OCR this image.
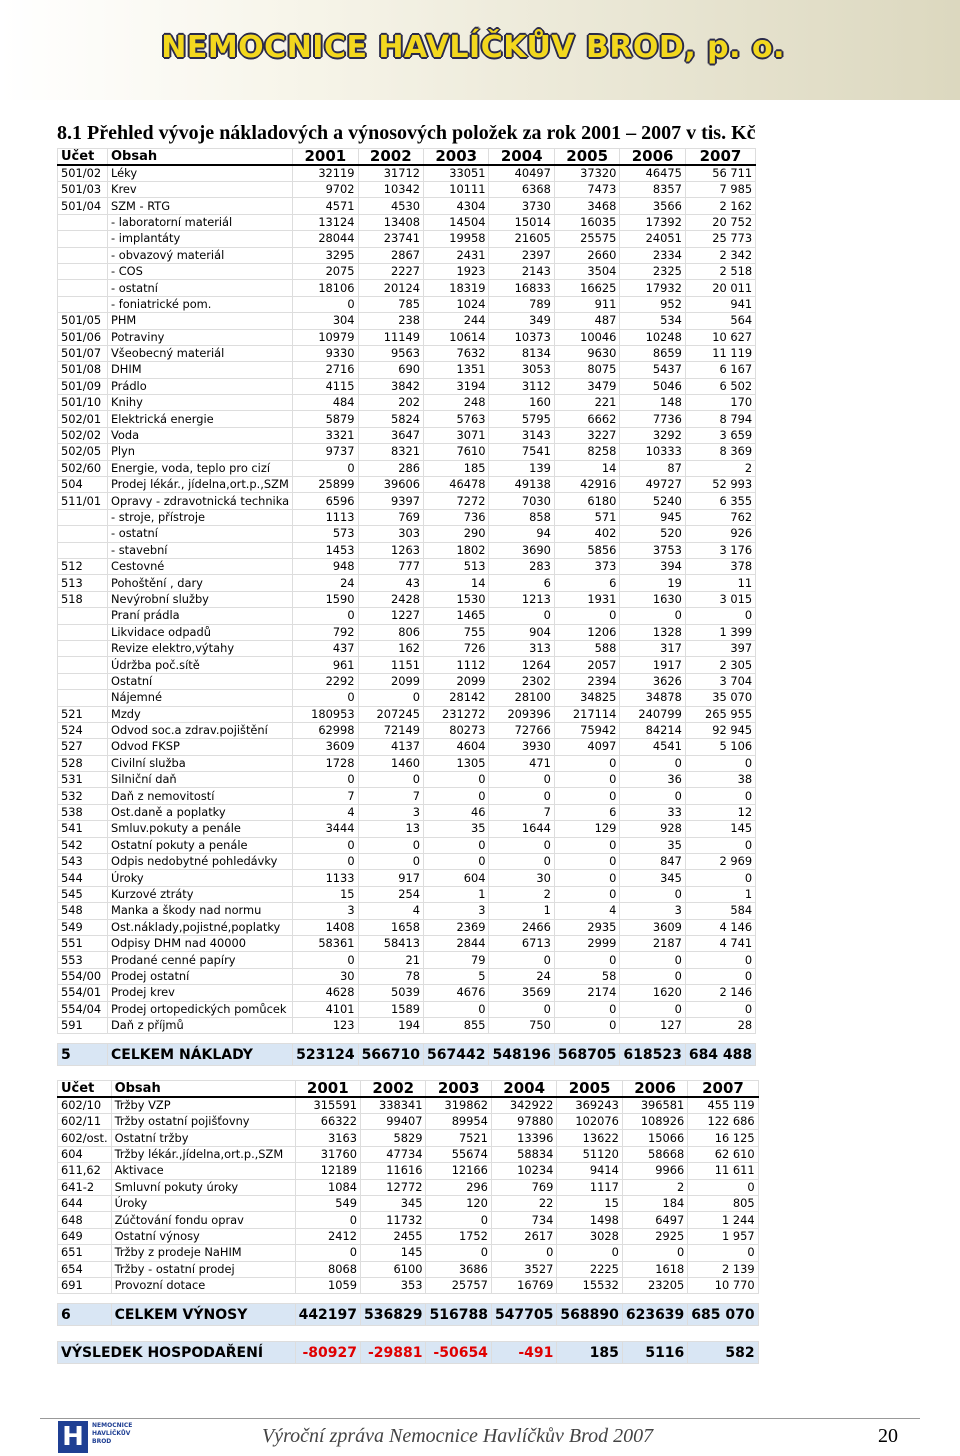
NEMOCNICE HAVLÍČKŮV BROD, p. o.
8.1 Přehled vývoje nákladových a výnosových položek za rok 2001 – 2007 v tis. Kč
Účet	Obsah	2001	2002	2003	2004	2005	2006	2007
501/02	Léky	32119	31712	33051	40497	37320	46475	56 711
501/03	Krev	9702	10342	10111	6368	7473	8357	7 985
501/04	SZM - RTG	4571	4530	4304	3730	3468	3566	2 162
	- laboratorní materiál	13124	13408	14504	15014	16035	17392	20 752
	- implantáty	28044	23741	19958	21605	25575	24051	25 773
	- obvazový materiál	3295	2867	2431	2397	2660	2334	2 342
	- COS	2075	2227	1923	2143	3504	2325	2 518
	- ostatní	18106	20124	18319	16833	16625	17932	20 011
	- foniatrické pom.	0	785	1024	789	911	952	941
501/05	PHM	304	238	244	349	487	534	564
501/06	Potraviny	10979	11149	10614	10373	10046	10248	10 627
501/07	Všeobecný materiál	9330	9563	7632	8134	9630	8659	11 119
501/08	DHIM	2716	690	1351	3053	8075	5437	6 167
501/09	Prádlo	4115	3842	3194	3112	3479	5046	6 502
501/10	Knihy	484	202	248	160	221	148	170
502/01	Elektrická energie	5879	5824	5763	5795	6662	7736	8 794
502/02	Voda	3321	3647	3071	3143	3227	3292	3 659
502/05	Plyn	9737	8321	7610	7541	8258	10333	8 369
502/60	Energie, voda, teplo pro cizí	0	286	185	139	14	87	2
504	Prodej lékár., jídelna,ort.p.,SZM	25899	39606	46478	49138	42916	49727	52 993
511/01	Opravy - zdravotnická technika	6596	9397	7272	7030	6180	5240	6 355
	- stroje, přístroje	1113	769	736	858	571	945	762
	- ostatní	573	303	290	94	402	520	926
	- stavební	1453	1263	1802	3690	5856	3753	3 176
512	Cestovné	948	777	513	283	373	394	378
513	Pohoštění , dary	24	43	14	6	6	19	11
518	Nevýrobní služby	1590	2428	1530	1213	1931	1630	3 015
	Praní prádla	0	1227	1465	0	0	0	0
	Likvidace odpadů	792	806	755	904	1206	1328	1 399
	Revize elektro,výtahy	437	162	726	313	588	317	397
	Údržba poč.sítě	961	1151	1112	1264	2057	1917	2 305
	Ostatní	2292	2099	2099	2302	2394	3626	3 704
	Nájemné	0	0	28142	28100	34825	34878	35 070
521	Mzdy	180953	207245	231272	209396	217114	240799	265 955
524	Odvod soc.a zdrav.pojištění	62998	72149	80273	72766	75942	84214	92 945
527	Odvod FKSP	3609	4137	4604	3930	4097	4541	5 106
528	Civilní služba	1728	1460	1305	471	0	0	0
531	Silniční daň	0	0	0	0	0	36	38
532	Daň z nemovitostí	7	7	0	0	0	0	0
538	Ost.daně a poplatky	4	3	46	7	6	33	12
541	Smluv.pokuty a penále	3444	13	35	1644	129	928	145
542	Ostatní pokuty a penále	0	0	0	0	0	35	0
543	Odpis nedobytné pohledávky	0	0	0	0	0	847	2 969
544	Úroky	1133	917	604	30	0	345	0
545	Kurzové ztráty	15	254	1	2	0	0	1
548	Manka a škody nad normu	3	4	3	1	4	3	584
549	Ost.náklady,pojistné,poplatky	1408	1658	2369	2466	2935	3609	4 146
551	Odpisy DHM nad 40000	58361	58413	2844	6713	2999	2187	4 741
553	Prodané cenné papíry	0	21	79	0	0	0	0
554/00	Prodej ostatní	30	78	5	24	58	0	0
554/01	Prodej krev	4628	5039	4676	3569	2174	1620	2 146
554/04	Prodej ortopedických pomůcek	4101	1589	0	0	0	0	0
591	Daň z příjmů	123	194	855	750	0	127	28

5	CELKEM NÁKLADY	523124	566710	567442	548196	568705	618523	684 488
Účet	Obsah	2001	2002	2003	2004	2005	2006	2007
602/10	Tržby VZP	315591	338341	319862	342922	369243	396581	455 119
602/11	Tržby ostatní pojišťovny	66322	99407	89954	97880	102076	108926	122 686
602/ost.	Ostatní tržby	3163	5829	7521	13396	13622	15066	16 125
604	Tržby lékár.,jídelna,ort.p.,SZM	31760	47734	55674	58834	51120	58668	62 610
611,62	Aktivace	12189	11616	12166	10234	9414	9966	11 611
641-2	Smluvní pokuty úroky	1084	12772	296	769	1117	2	0
644	Úroky	549	345	120	22	15	184	805
648	Zúčtování fondu oprav	0	11732	0	734	1498	6497	1 244
649	Ostatní výnosy	2412	2455	1752	2617	3028	2925	1 957
651	Tržby z prodeje NaHIM	0	145	0	0	0	0	0
654	Tržby - ostatní prodej	8068	6100	3686	3527	2225	1618	2 139
691	Provozní dotace	1059	353	25757	16769	15532	23205	10 770

6	CELKEM VÝNOSY	442197	536829	516788	547705	568890	623639	685 070

VÝSLEDEK HOSPODAŘENÍ		-80927	-29881	-50654	-491	185	5116	582
H	NEMOCNICE HAVLÍČKŮV BROD	Výroční zpráva Nemocnice Havlíčkův Brod 2007	20
